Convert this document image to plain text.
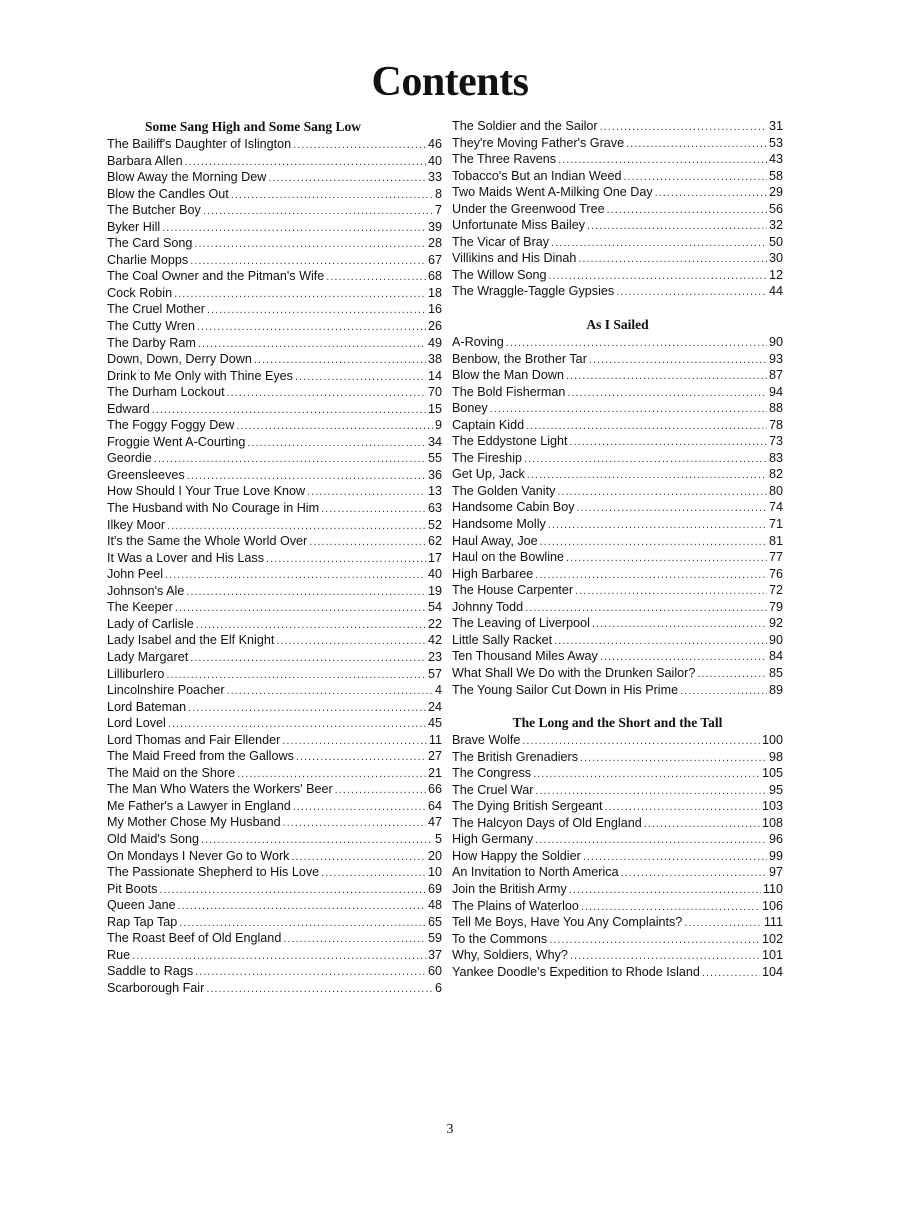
Contents
Some Sang High and Some Sang Low
The Bailiff's Daughter of Islington .....	46
Barbara Allen .....	40
Blow Away the Morning Dew .....	33
Blow the Candles Out .....	8
The Butcher Boy .....	7
Byker Hill .....	39
The Card Song .....	28
Charlie Mopps .....	67
The Coal Owner and the Pitman's Wife .....	68
Cock Robin .....	18
The Cruel Mother .....	16
The Cutty Wren .....	26
The Darby Ram .....	49
Down, Down, Derry Down .....	38
Drink to Me Only with Thine Eyes .....	14
The Durham Lockout .....	70
Edward .....	15
The Foggy Foggy Dew .....	9
Froggie Went A-Courting .....	34
Geordie .....	55
Greensleeves .....	36
How Should I Your True Love Know .....	13
The Husband with No Courage in Him .....	63
Ilkey Moor .....	52
It's the Same the Whole World Over .....	62
It Was a Lover and His Lass .....	17
John Peel .....	40
Johnson's Ale .....	19
The Keeper .....	54
Lady of Carlisle .....	22
Lady Isabel and the Elf Knight .....	42
Lady Margaret .....	23
Lilliburlero .....	57
Lincolnshire Poacher .....	4
Lord Bateman .....	24
Lord Lovel .....	45
Lord Thomas and Fair Ellender .....	11
The Maid Freed from the Gallows .....	27
The Maid on the Shore .....	21
The Man Who Waters the Workers' Beer .....	66
Me Father's a Lawyer in England .....	64
My Mother Chose My Husband .....	47
Old Maid's Song .....	5
On Mondays I Never Go to Work .....	20
The Passionate Shepherd to His Love .....	10
Pit Boots .....	69
Queen Jane .....	48
Rap Tap Tap .....	65
The Roast Beef of Old England .....	59
Rue .....	37
Saddle to Rags .....	60
Scarborough Fair .....	6
The Soldier and the Sailor .....	31
They're Moving Father's Grave .....	53
The Three Ravens .....	43
Tobacco's But an Indian Weed .....	58
Two Maids Went A-Milking One Day .....	29
Under the Greenwood Tree .....	56
Unfortunate Miss Bailey .....	32
The Vicar of Bray .....	50
Villikins and His Dinah .....	30
The Willow Song .....	12
The Wraggle-Taggle Gypsies .....	44
As I Sailed
A-Roving .....	90
Benbow, the Brother Tar .....	93
Blow the Man Down .....	87
The Bold Fisherman .....	94
Boney .....	88
Captain Kidd .....	78
The Eddystone Light .....	73
The Fireship .....	83
Get Up, Jack .....	82
The Golden Vanity .....	80
Handsome Cabin Boy .....	74
Handsome Molly .....	71
Haul Away, Joe .....	81
Haul on the Bowline .....	77
High Barbaree .....	76
The House Carpenter .....	72
Johnny Todd .....	79
The Leaving of Liverpool .....	92
Little Sally Racket .....	90
Ten Thousand Miles Away .....	84
What Shall We Do with the Drunken Sailor? .....	85
The Young Sailor Cut Down in His Prime .....	89
The Long and the Short and the Tall
Brave Wolfe .....	100
The British Grenadiers .....	98
The Congress .....	105
The Cruel War .....	95
The Dying British Sergeant .....	103
The Halcyon Days of Old England .....	108
High Germany .....	96
How Happy the Soldier .....	99
An Invitation to North America .....	97
Join the British Army .....	110
The Plains of Waterloo .....	106
Tell Me Boys, Have You Any Complaints? .....	111
To the Commons .....	102
Why, Soldiers, Why? .....	101
Yankee Doodle's Expedition to Rhode Island .....	104
3
